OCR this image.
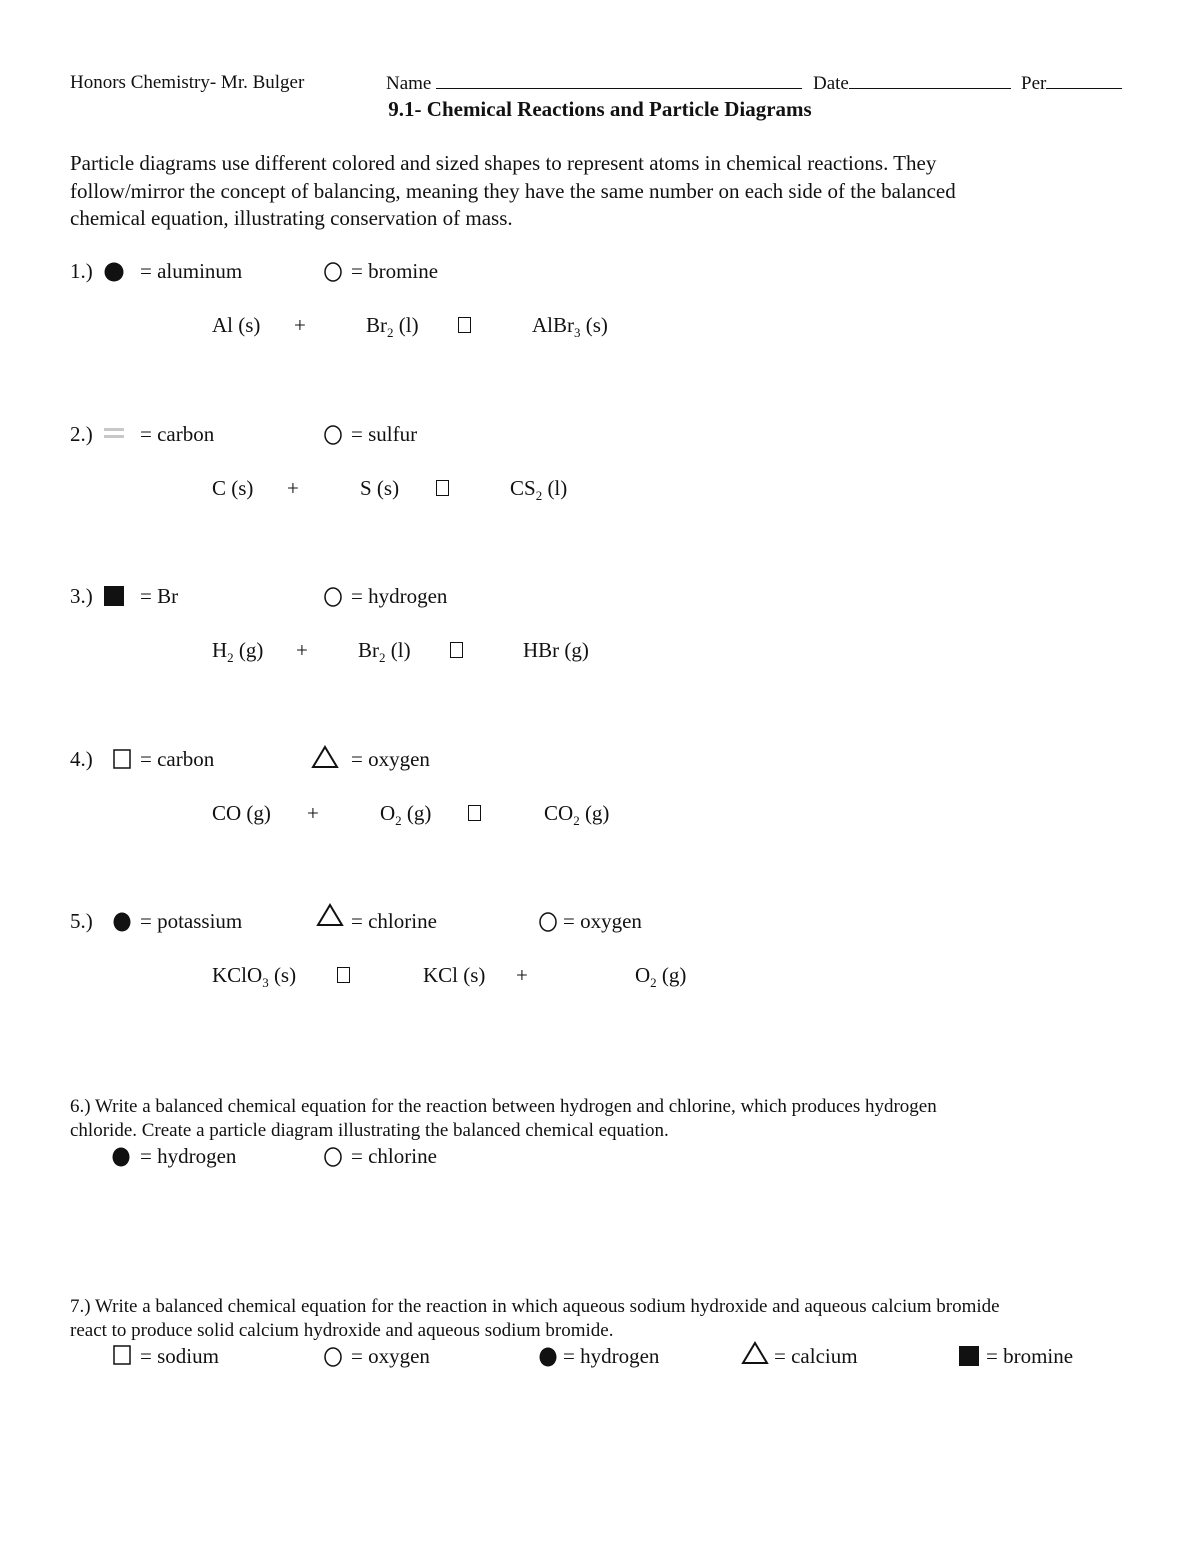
Honors Chemistry- Mr. Bulger	Name	Date	Per
9.1- Chemical Reactions and Particle Diagrams
Particle diagrams use different colored and sized shapes to represent atoms in chemical reactions. They
follow/mirror the concept of balancing, meaning they have the same number on each side of the balanced
chemical equation, illustrating conservation of mass.
1.) = aluminum	= bromine
Al (s) +	$Br_2$ (l)	AlBr$_3$ (s)
2.) = carbon	= sulfur
C (s) +	S (s)	$CS_2$ (l)
3.) = Br	= hydrogen
$H_2$ $(g) + Br_2$ (l)	HBr (g)
4.) = carbon	= oxygen
CO (g) +	$O_2$ (g)	$CO_2$ (g)
5.) = potassium	= chlorine	= oxygen
KClO$_3$ (s)	KCl (s) +	$O_2$ (g)
6.) Write a balanced chemical equation for the reaction between hydrogen and chlorine, which produces hydrogen
chloride. Create a particle diagram illustrating the balanced chemical equation.
= hydrogen	= chlorine
7.) Write a balanced chemical equation for the reaction in which aqueous sodium hydroxide and aqueous calcium bromide
react to produce solid calcium hydroxide and aqueous sodium bromide.
= sodium	= oxygen	= hydrogen	= calcium	= bromine
